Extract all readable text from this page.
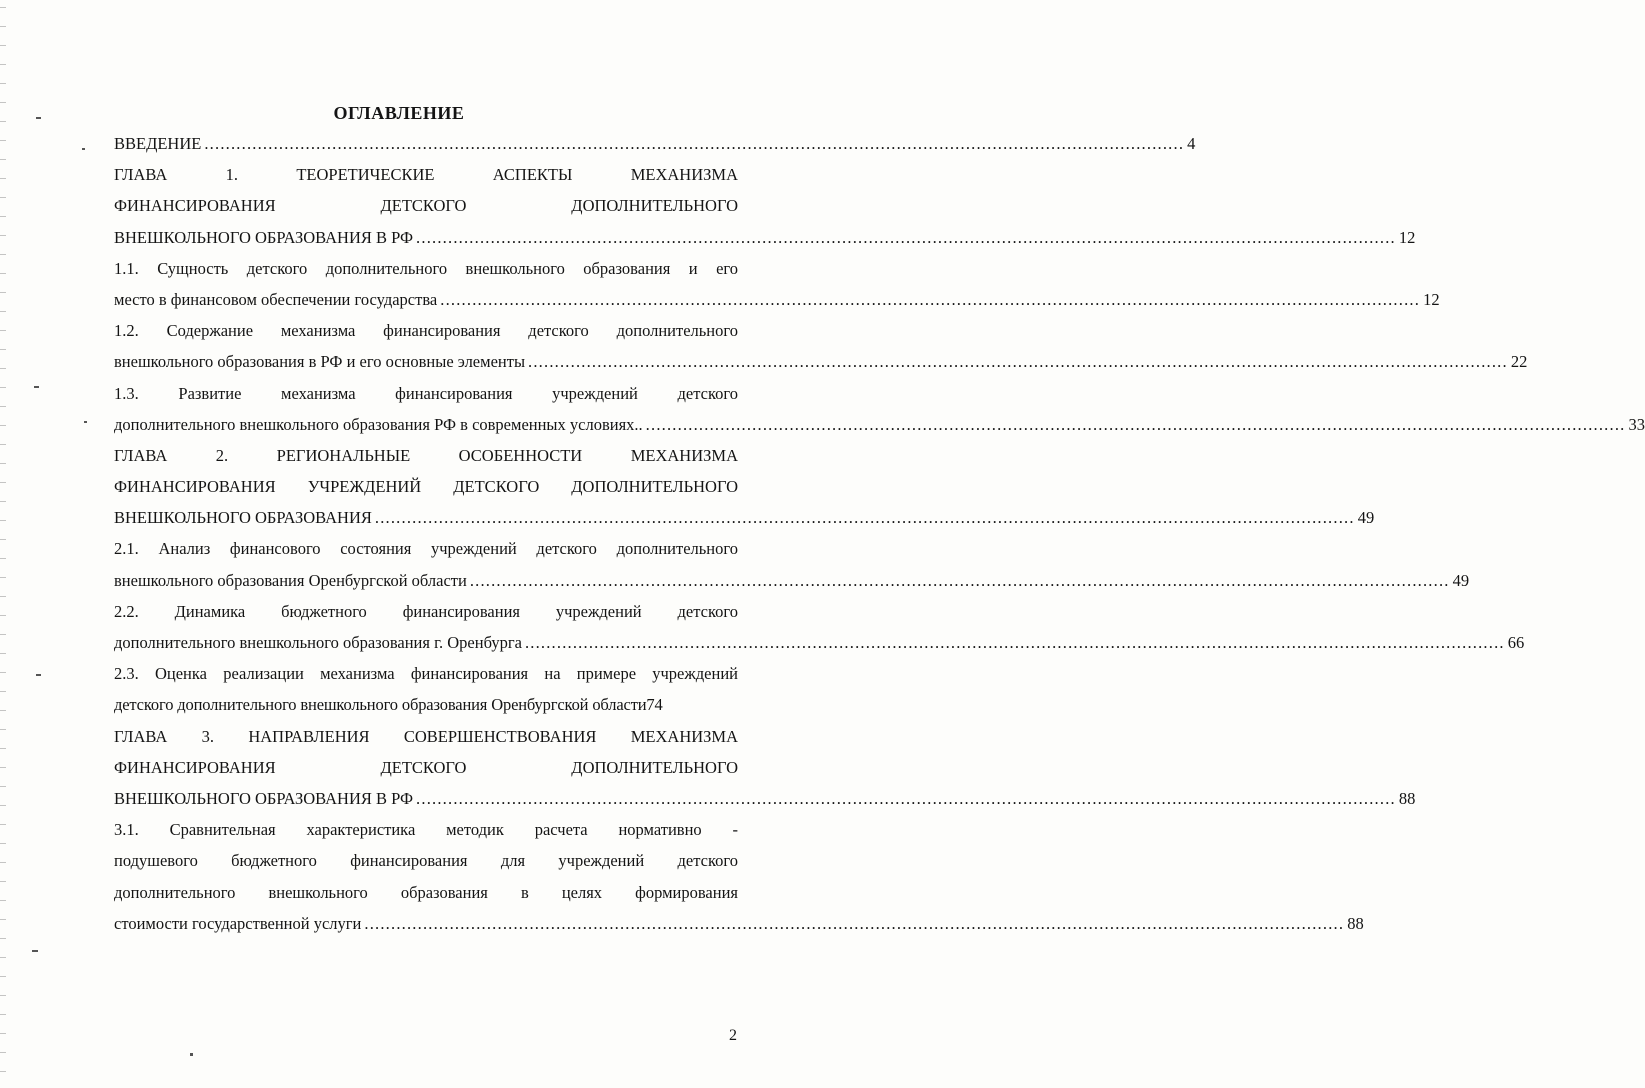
ОГЛАВЛЕНИЕ
ВВЕДЕНИЕ .....	4
ГЛАВА 1. ТЕОРЕТИЧЕСКИЕ АСПЕКТЫ МЕХАНИЗМА
ФИНАНСИРОВАНИЯ ДЕТСКОГО ДОПОЛНИТЕЛЬНОГО
ВНЕШКОЛЬНОГО ОБРАЗОВАНИЯ В РФ .....	12
1.1. Сущность детского дополнительного внешкольного образования и его
место в финансовом обеспечении государства .....	12
1.2. Содержание механизма финансирования детского дополнительного
внешкольного образования в РФ и его основные элементы .....	22
1.3. Развитие механизма финансирования учреждений детского
дополнительного внешкольного образования РФ в современных условиях.. .....	33
ГЛАВА 2. РЕГИОНАЛЬНЫЕ ОСОБЕННОСТИ МЕХАНИЗМА
ФИНАНСИРОВАНИЯ УЧРЕЖДЕНИЙ ДЕТСКОГО ДОПОЛНИТЕЛЬНОГО
ВНЕШКОЛЬНОГО ОБРАЗОВАНИЯ .....	49
2.1. Анализ финансового состояния учреждений детского дополнительного
внешкольного образования Оренбургской области .....	49
2.2. Динамика бюджетного финансирования учреждений детского
дополнительного внешкольного образования г. Оренбурга .....	66
2.3. Оценка реализации механизма финансирования на примере учреждений
детского дополнительного внешкольного образования Оренбургской области74
ГЛАВА 3. НАПРАВЛЕНИЯ СОВЕРШЕНСТВОВАНИЯ МЕХАНИЗМА
ФИНАНСИРОВАНИЯ ДЕТСКОГО ДОПОЛНИТЕЛЬНОГО
ВНЕШКОЛЬНОГО ОБРАЗОВАНИЯ В РФ .....	88
3.1. Сравнительная характеристика методик расчета нормативно -
подушевого бюджетного финансирования для учреждений детского
дополнительного внешкольного образования в целях формирования
стоимости государственной услуги .....	88
2
